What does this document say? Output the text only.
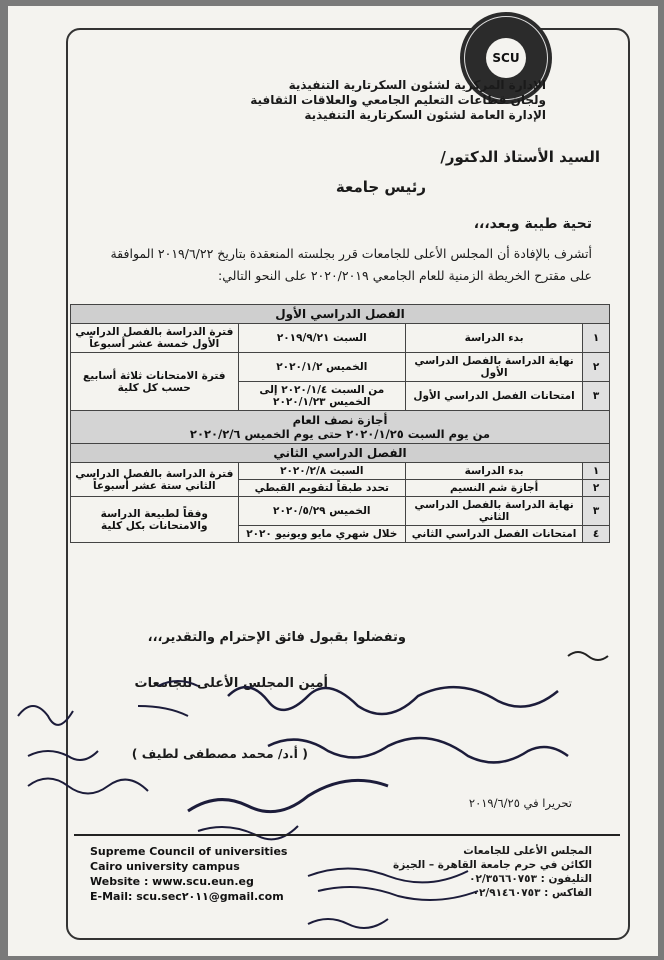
SCU
الإدارة المركزية لشئون السكرتارية التنفيذية
ولجان قطاعات التعليم الجامعي والعلاقات الثقافية
الإدارة العامة لشئون السكرتارية التنفيذية
السيد الأستاذ الدكتور/
رئيس جامعة
تحية طيبة وبعد،،،
أتشرف بالإفادة أن المجلس الأعلى للجامعات قرر بجلسته المنعقدة بتاريخ ٢٠١٩/٦/٢٢ الموافقة
على مقترح الخريطة الزمنية للعام الجامعي ٢٠٢٠/٢٠١٩ على النحو التالي:
الفصل الدراسي الأول			
١	بدء الدراسة	السبت ٢٠١٩/٩/٢١	فترة الدراسة بالفصل الدراسي الأول خمسة عشر أسبوعاً
٢	نهاية الدراسة بالفصل الدراسي الأول	الخميس ٢٠٢٠/١/٢	فترة الامتحانات ثلاثة أسابيع حسب كل كلية
٣	امتحانات الفصل الدراسي الأول	من السبت ٢٠٢٠/١/٤ إلى الخميس ٢٠٢٠/١/٢٣	

أجازة نصف العام
من يوم السبت ٢٠٢٠/١/٢٥ حتى يوم الخميس ٢٠٢٠/٢/٦			

الفصل الدراسي الثاني			
١	بدء الدراسة	السبت ٢٠٢٠/٢/٨	فترة الدراسة بالفصل الدراسي الثاني ستة عشر أسبوعاً
٢	أجازة شم النسيم	تحدد طبقاً لتقويم القبطي	
٣	نهاية الدراسة بالفصل الدراسي الثاني	الخميس ٢٠٢٠/٥/٢٩	وفقاً لطبيعة الدراسة والامتحانات بكل كلية
٤	امتحانات الفصل الدراسي الثاني	خلال شهري مايو ويونيو ٢٠٢٠	
وتفضلوا بقبول فائق الإحترام والتقدير،،،
أمين المجلس الأعلى للجامعات
( أ.د/ محمد مصطفى لطيف )
تحريرا في ٢٠١٩/٦/٢٥
Supreme Council of universities
Cairo university campus
Website : www.scu.eun.eg
E-Mail: scu.sec٢٠١١@gmail.com
المجلس الأعلى للجامعات
الكائن في حرم جامعة القاهرة – الجيزة
التليفون : ٠٢/٣٥٦٦٠٧٥٣
الفاكس : ٠٢/٩١٤٦٠٧٥٣
